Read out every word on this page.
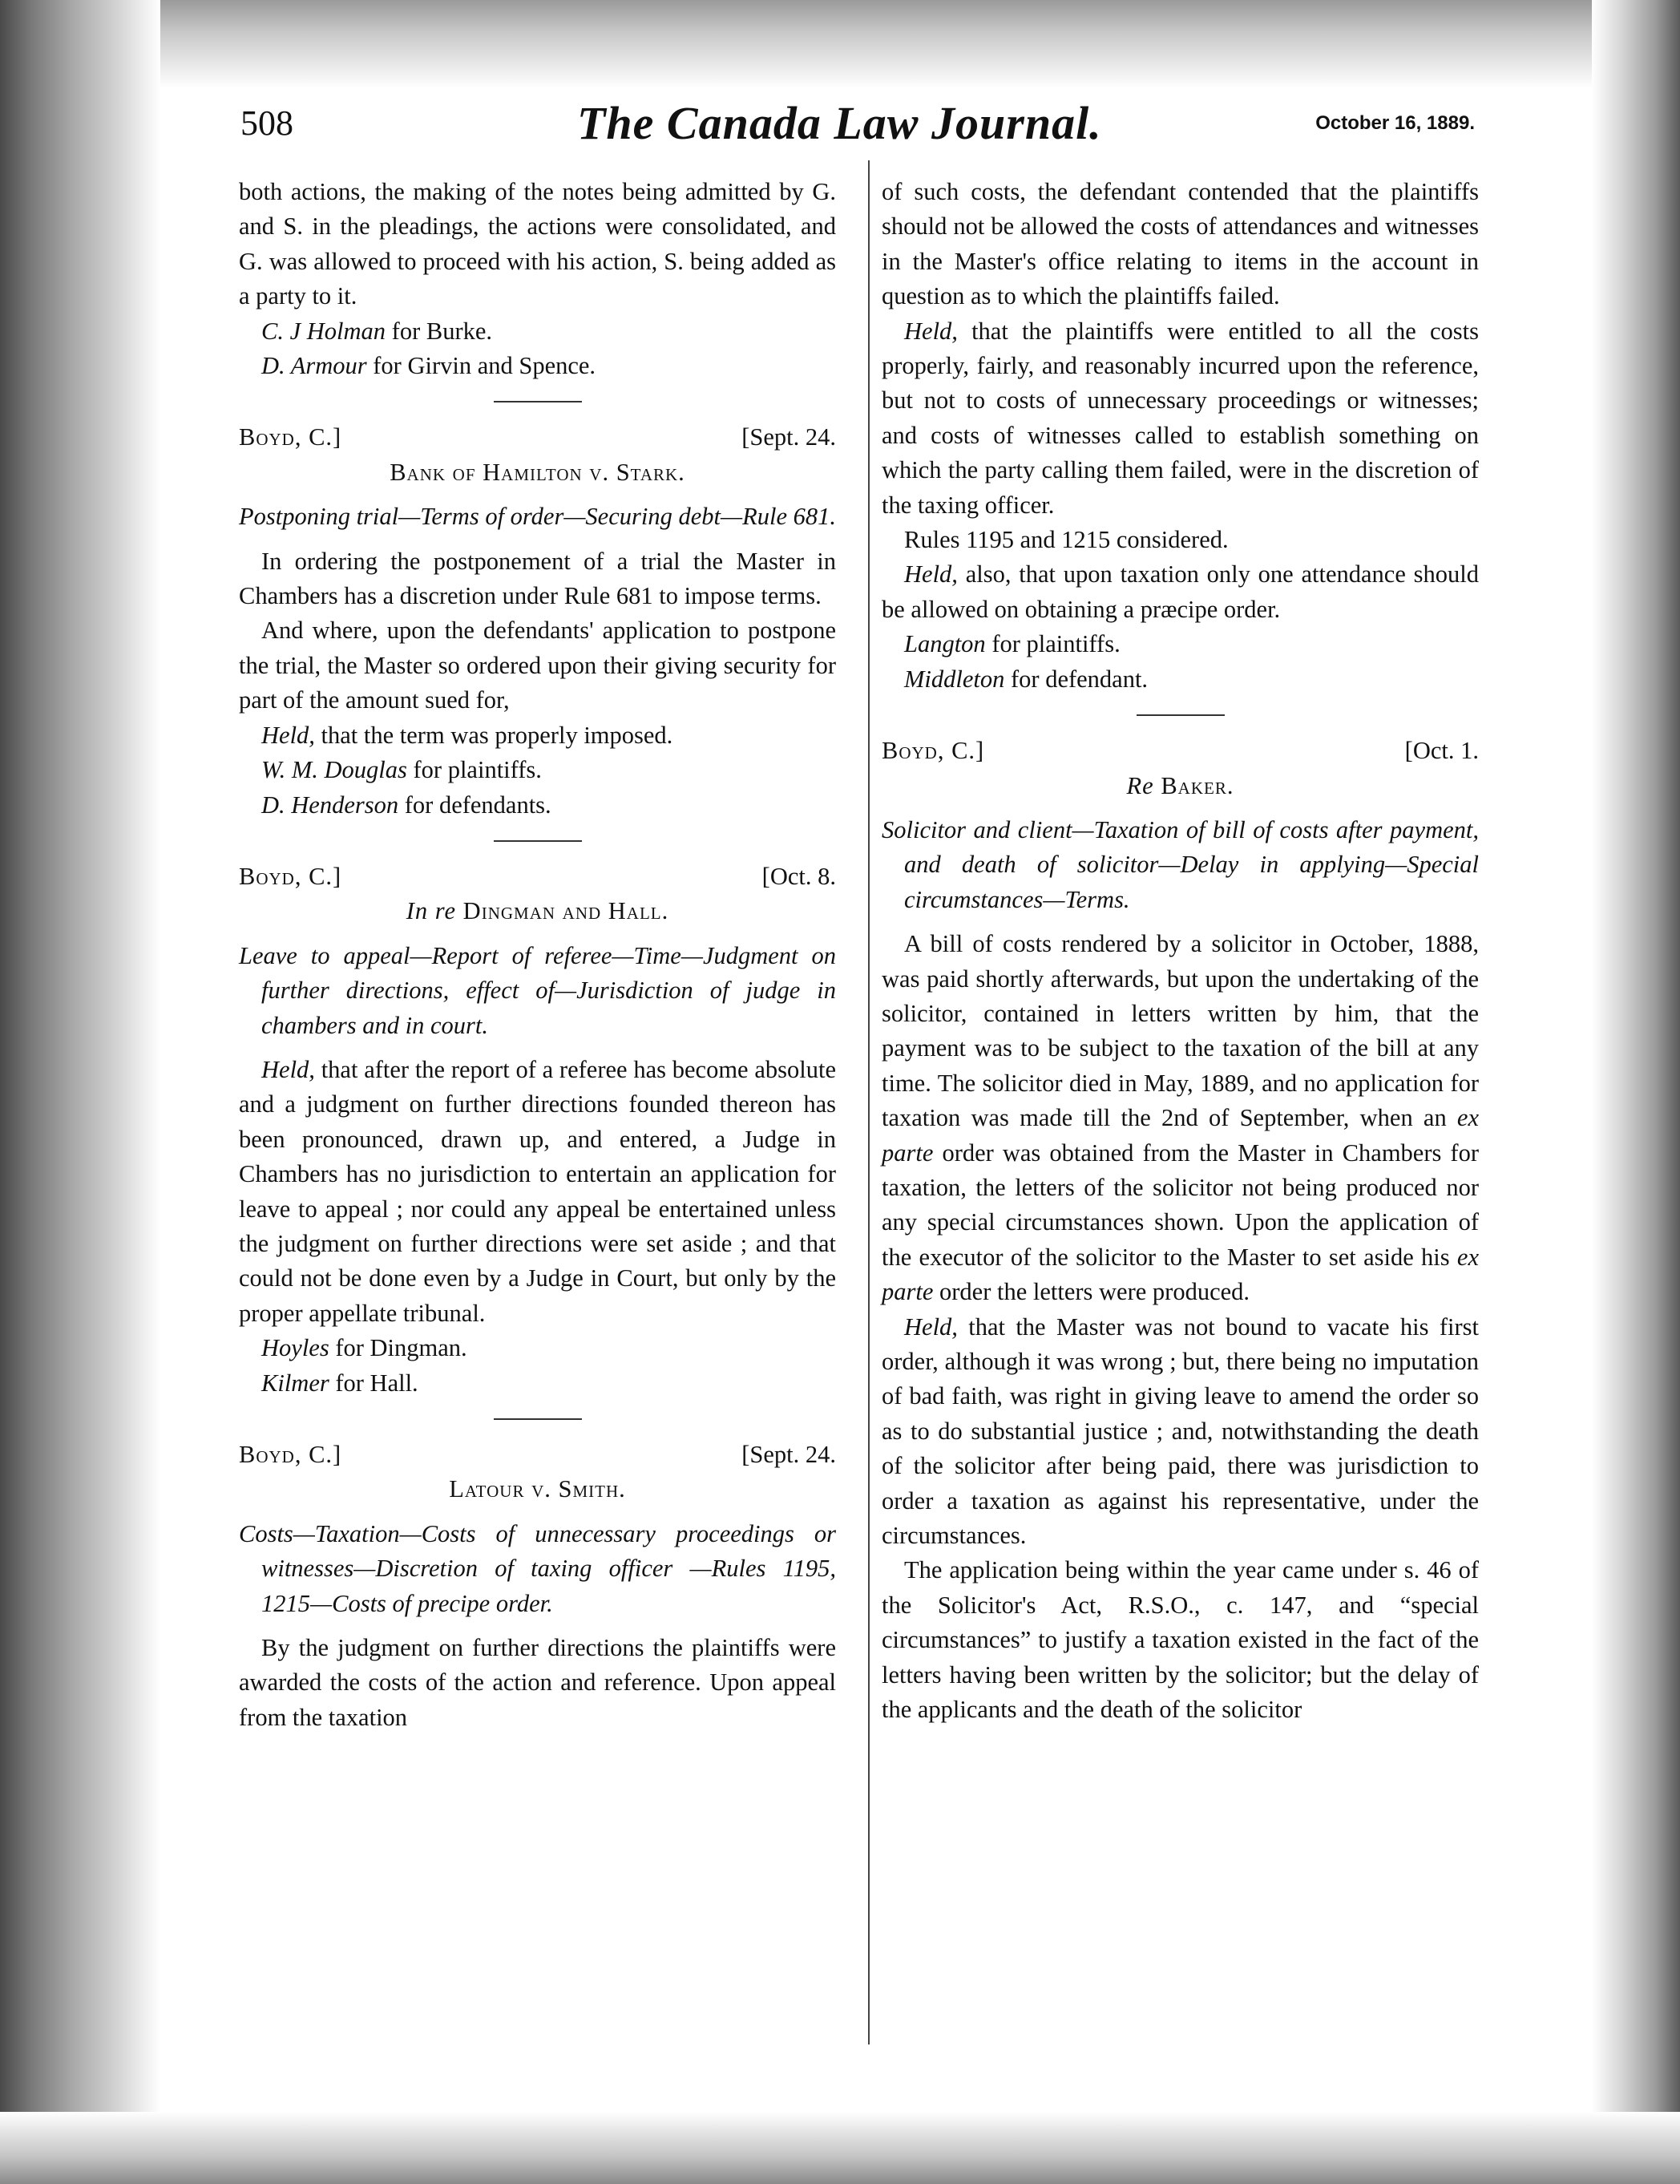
508	The Canada Law Journal.	October 16, 1889.

both actions, the making of the notes being admitted by G. and S. in the pleadings, the actions were consolidated, and G. was allowed to proceed with his action, S. being added as a party to it.

C. J Holman for Burke.

D. Armour for Girvin and Spence.

Boyd, C.]	[Sept. 24.

Bank of Hamilton v. Stark.

Postponing trial—Terms of order—Securing debt—Rule 681.

In ordering the postponement of a trial the Master in Chambers has a discretion under Rule 681 to impose terms.

And where, upon the defendants' application to postpone the trial, the Master so ordered upon their giving security for part of the amount sued for,

Held, that the term was properly imposed.

W. M. Douglas for plaintiffs.

D. Henderson for defendants.

Boyd, C.]	[Oct. 8.

In re Dingman and Hall.

Leave to appeal—Report of referee—Time—Judgment on further directions, effect of—Jurisdiction of judge in chambers and in court.

Held, that after the report of a referee has become absolute and a judgment on further directions founded thereon has been pronounced, drawn up, and entered, a Judge in Chambers has no jurisdiction to entertain an application for leave to appeal ; nor could any appeal be entertained unless the judgment on further directions were set aside ; and that could not be done even by a Judge in Court, but only by the proper appellate tribunal.

Hoyles for Dingman.

Kilmer for Hall.

Boyd, C.]	[Sept. 24.

Latour v. Smith.

Costs—Taxation—Costs of unnecessary proceedings or witnesses—Discretion of taxing officer —Rules 1195, 1215—Costs of precipe order.

By the judgment on further directions the plaintiffs were awarded the costs of the action and reference. Upon appeal from the taxation

of such costs, the defendant contended that the plaintiffs should not be allowed the costs of attendances and witnesses in the Master's office relating to items in the account in question as to which the plaintiffs failed.

Held, that the plaintiffs were entitled to all the costs properly, fairly, and reasonably incurred upon the reference, but not to costs of unnecessary proceedings or witnesses; and costs of witnesses called to establish something on which the party calling them failed, were in the discretion of the taxing officer.

Rules 1195 and 1215 considered.

Held, also, that upon taxation only one attendance should be allowed on obtaining a præcipe order.

Langton for plaintiffs.

Middleton for defendant.

Boyd, C.]	[Oct. 1.

Re Baker.

Solicitor and client—Taxation of bill of costs after payment, and death of solicitor—Delay in applying—Special circumstances—Terms.

A bill of costs rendered by a solicitor in October, 1888, was paid shortly afterwards, but upon the undertaking of the solicitor, contained in letters written by him, that the payment was to be subject to the taxation of the bill at any time. The solicitor died in May, 1889, and no application for taxation was made till the 2nd of September, when an ex parte order was obtained from the Master in Chambers for taxation, the letters of the solicitor not being produced nor any special circumstances shown. Upon the application of the executor of the solicitor to the Master to set aside his ex parte order the letters were produced.

Held, that the Master was not bound to vacate his first order, although it was wrong ; but, there being no imputation of bad faith, was right in giving leave to amend the order so as to do substantial justice ; and, notwithstanding the death of the solicitor after being paid, there was jurisdiction to order a taxation as against his representative, under the circumstances.

The application being within the year came under s. 46 of the Solicitor's Act, R.S.O., c. 147, and “special circumstances” to justify a taxation existed in the fact of the letters having been written by the solicitor; but the delay of the applicants and the death of the solicitor
